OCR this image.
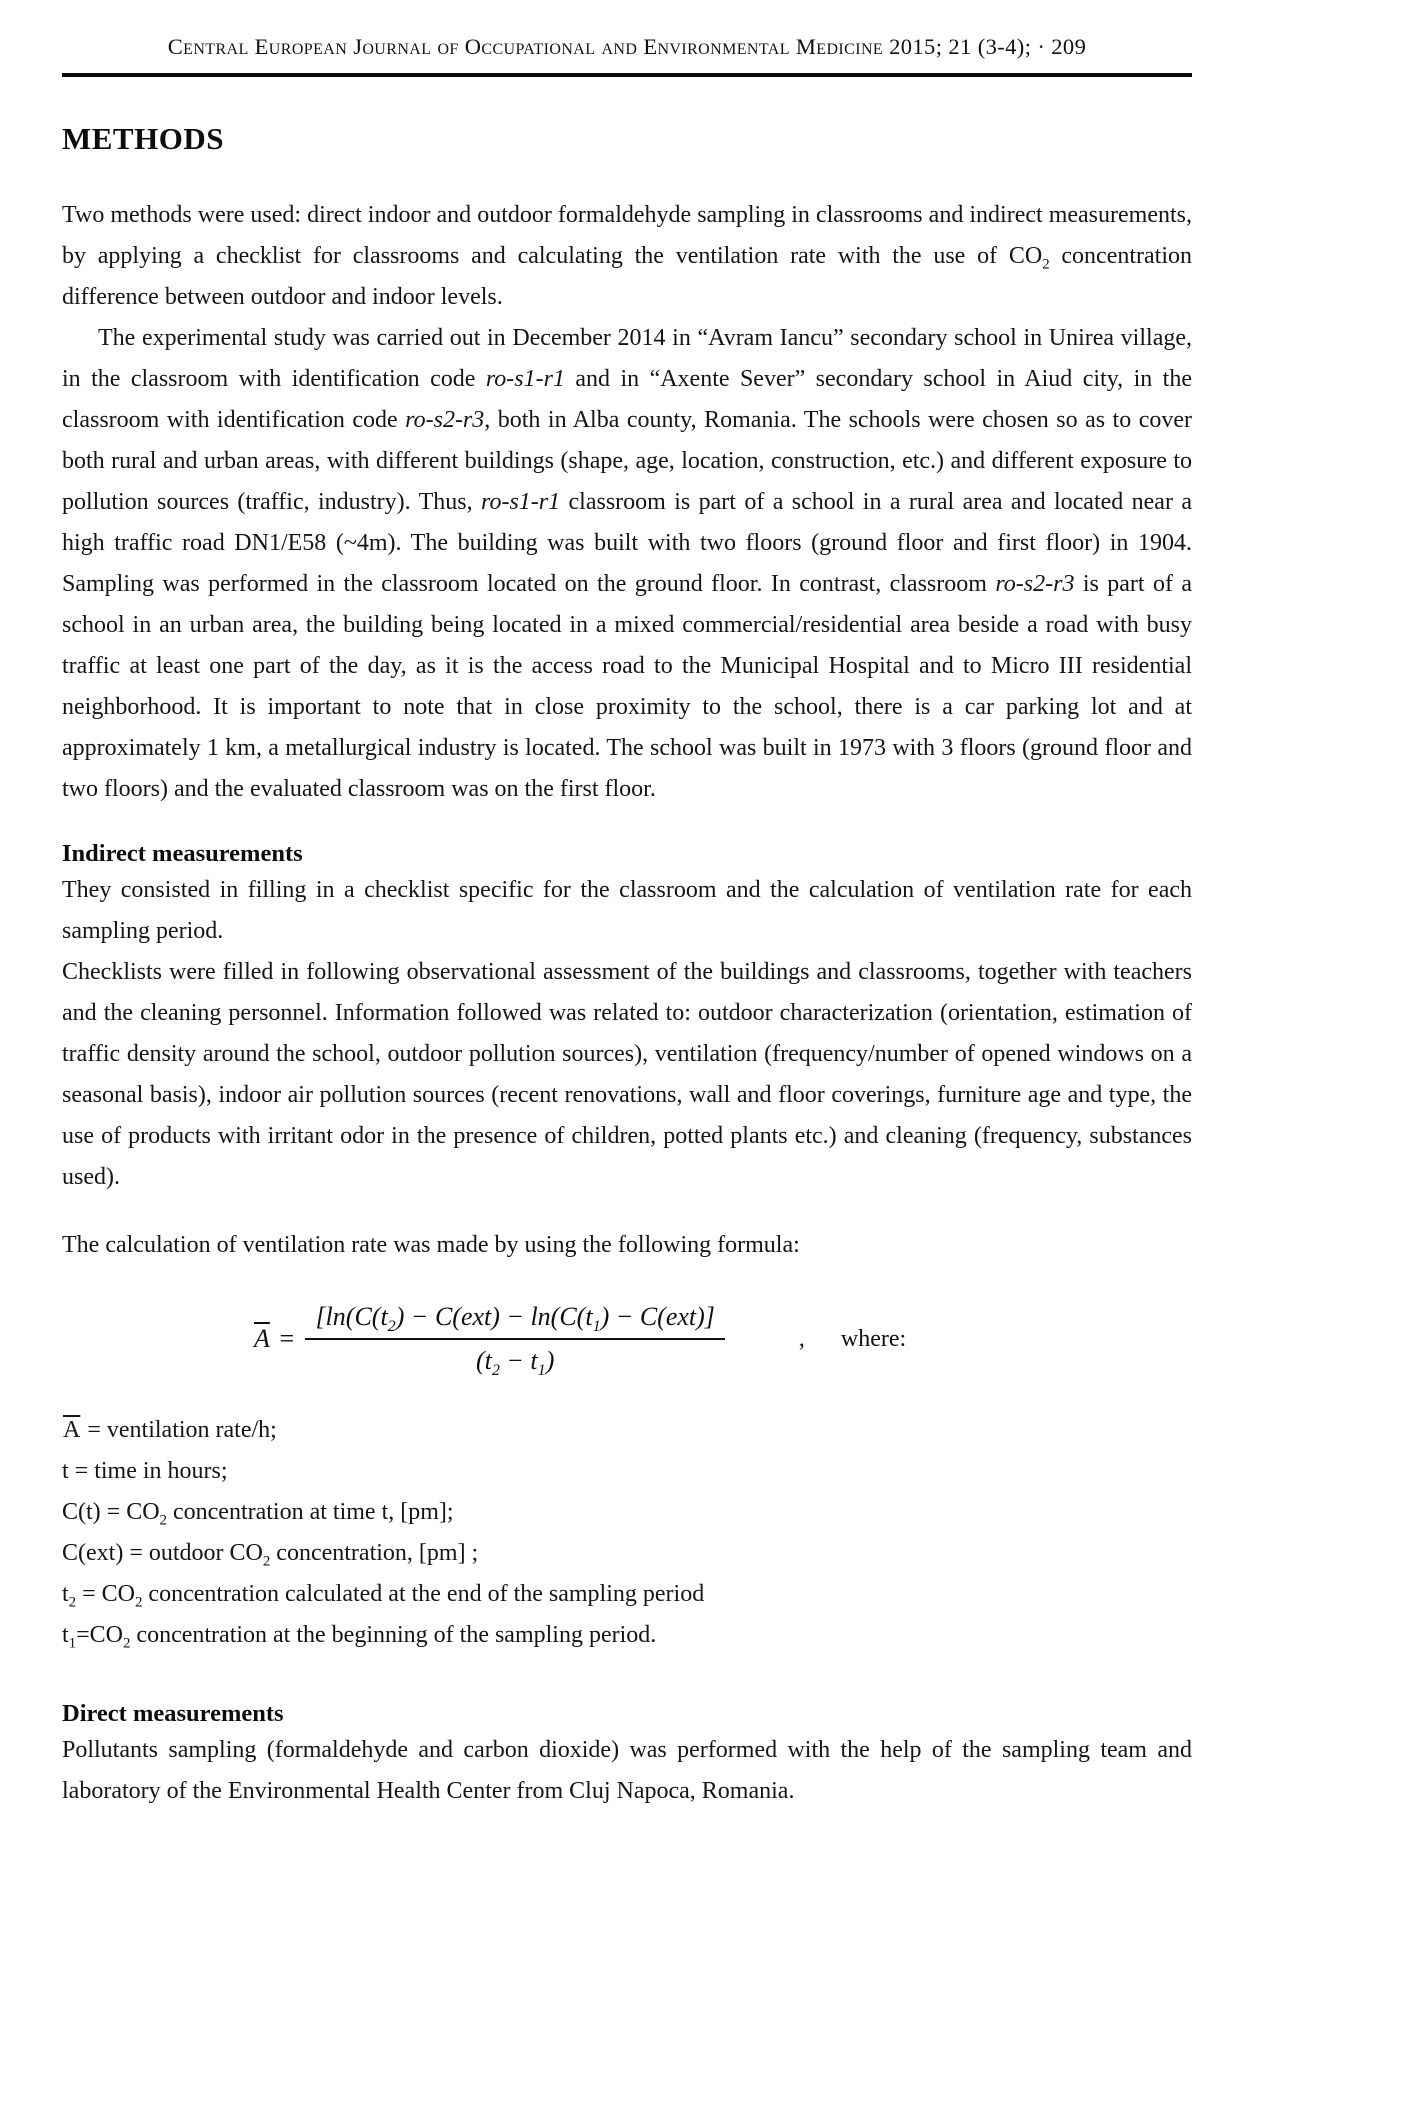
Central European Journal of Occupational and Environmental Medicine 2015; 21 (3-4); · 209
METHODS

Two methods were used: direct indoor and outdoor formaldehyde sampling in classrooms and indirect measurements, by applying a checklist for classrooms and calculating the ventilation rate with the use of $CO_2$ concentration difference between outdoor and indoor levels.

The experimental study was carried out in December 2014 in “Avram Iancu” secondary school in Unirea village, in the classroom with identification code ro-s1-r1 and in “Axente Sever” secondary school in Aiud city, in the classroom with identification code ro-s2-r3, both in Alba county, Romania. The schools were chosen so as to cover both rural and urban areas, with different buildings (shape, age, location, construction, etc.) and different exposure to pollution sources (traffic, industry). Thus, ro-s1-r1 classroom is part of a school in a rural area and located near a high traffic road DN1/E58 (~4m). The building was built with two floors (ground floor and first floor) in 1904. Sampling was performed in the classroom located on the ground floor. In contrast, classroom ro-s2-r3 is part of a school in an urban area, the building being located in a mixed commercial/residential area beside a road with busy traffic at least one part of the day, as it is the access road to the Municipal Hospital and to Micro III residential neighborhood. It is important to note that in close proximity to the school, there is a car parking lot and at approximately 1 km, a metallurgical industry is located. The school was built in 1973 with 3 floors (ground floor and two floors) and the evaluated classroom was on the first floor.

Indirect measurements

They consisted in filling in a checklist specific for the classroom and the calculation of ventilation rate for each sampling period.

Checklists were filled in following observational assessment of the buildings and classrooms, together with teachers and the cleaning personnel. Information followed was related to: outdoor characterization (orientation, estimation of traffic density around the school, outdoor pollution sources), ventilation (frequency/number of opened windows on a seasonal basis), indoor air pollution sources (recent renovations, wall and floor coverings, furniture age and type, the use of products with irritant odor in the presence of children, potted plants etc.) and cleaning (frequency, substances used).

The calculation of ventilation rate was made by using the following formula:

$\overline{A} = \frac{[\ln(C(t_2) - C(ext) - \ln(C(t_1) - C(ext)]}{(t_2 - t_1)}$	, where:
$\overline{A}$ = ventilation rate/h;
t = time in hours;
$C(t) = CO_2$ concentration at time t, [pm];
C(ext) = outdoor $CO_2$ concentration, [pm] ;
$t_2 = CO_2$ concentration calculated at the end of the sampling period
$t_1=CO_2$ concentration at the beginning of the sampling period.
Direct measurements

Pollutants sampling (formaldehyde and carbon dioxide) was performed with the help of the sampling team and laboratory of the Environmental Health Center from Cluj Napoca, Romania.
